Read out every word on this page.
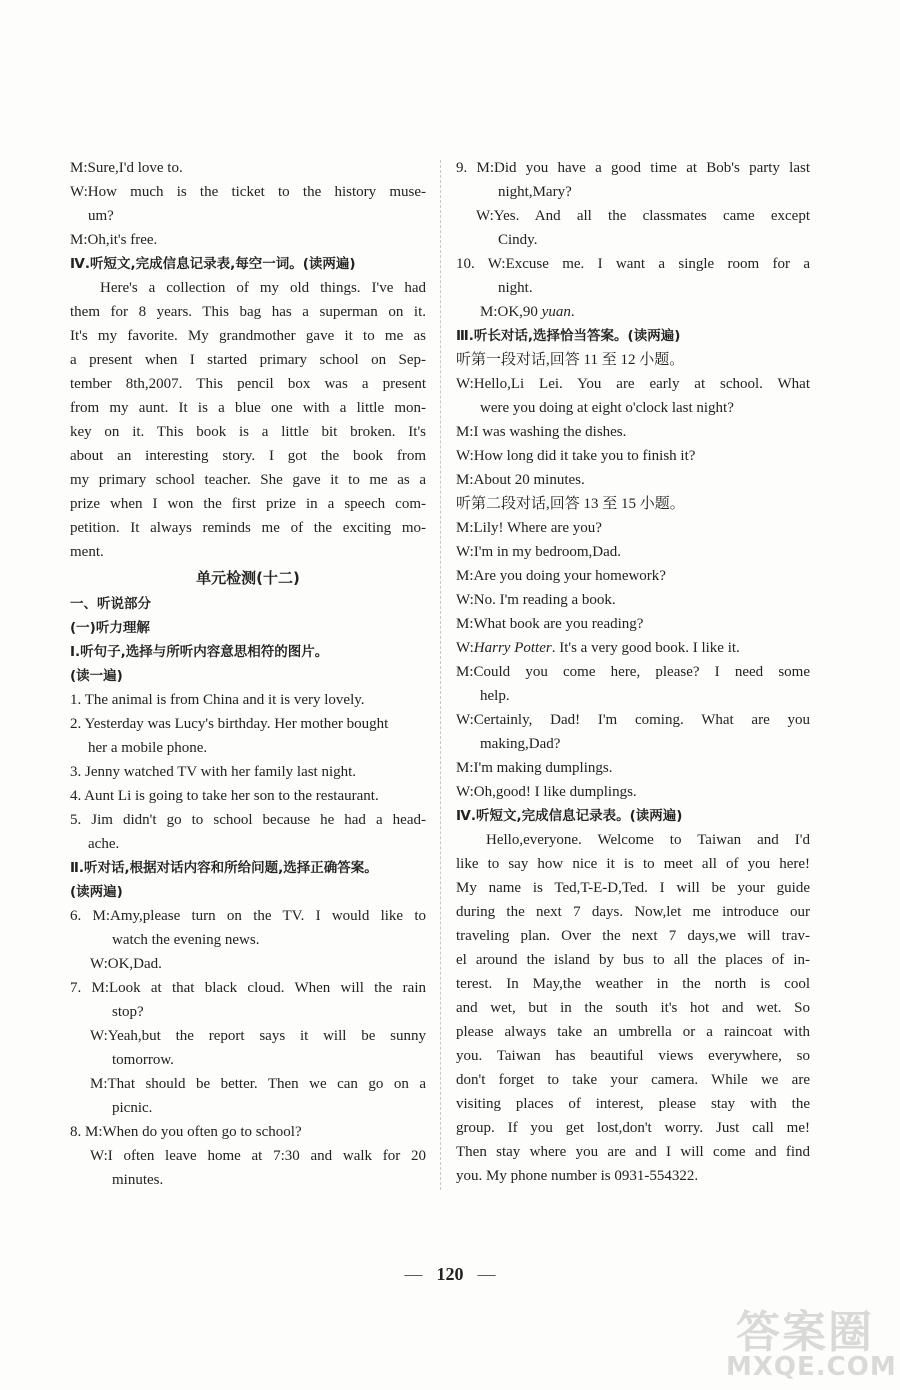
M:Sure,I'd love to.
W:How much is the ticket to the history muse-
um?
M:Oh,it's free.
Ⅳ.听短文,完成信息记录表,每空一词。(读两遍)
Here's a collection of my old things. I've had
them for 8 years. This bag has a superman on it.
It's my favorite. My grandmother gave it to me as
a present when I started primary school on Sep-
tember 8th,2007. This pencil box was a present
from my aunt. It is a blue one with a little mon-
key on it. This book is a little bit broken. It's
about an interesting story. I got the book from
my primary school teacher. She gave it to me as a
prize when I won the first prize in a speech com-
petition. It always reminds me of the exciting mo-
ment.
单元检测(十二)
一、听说部分
(一)听力理解
Ⅰ.听句子,选择与所听内容意思相符的图片。
(读一遍)
1. The animal is from China and it is very lovely.
2. Yesterday was Lucy's birthday. Her mother bought
her a mobile phone.
3. Jenny watched TV with her family last night.
4. Aunt Li is going to take her son to the restaurant.
5. Jim didn't go to school because he had a head-
ache.
Ⅱ.听对话,根据对话内容和所给问题,选择正确答案。
(读两遍)
6. M:Amy,please turn on the TV. I would like to
watch the evening news.
W:OK,Dad.
7. M:Look at that black cloud. When will the rain
stop?
W:Yeah,but the report says it will be sunny
tomorrow.
M:That should be better. Then we can go on a
picnic.
8. M:When do you often go to school?
W:I often leave home at 7:30 and walk for 20
minutes.
9. M:Did you have a good time at Bob's party last
night,Mary?
W:Yes. And all the classmates came except
Cindy.
10. W:Excuse me. I want a single room for a
night.
M:OK,90 yuan.
Ⅲ.听长对话,选择恰当答案。(读两遍)
听第一段对话,回答 11 至 12 小题。
W:Hello,Li Lei. You are early at school. What
were you doing at eight o'clock last night?
M:I was washing the dishes.
W:How long did it take you to finish it?
M:About 20 minutes.
听第二段对话,回答 13 至 15 小题。
M:Lily! Where are you?
W:I'm in my bedroom,Dad.
M:Are you doing your homework?
W:No. I'm reading a book.
M:What book are you reading?
W:Harry Potter. It's a very good book. I like it.
M:Could you come here, please? I need some
help.
W:Certainly, Dad! I'm coming. What are you
making,Dad?
M:I'm making dumplings.
W:Oh,good! I like dumplings.
Ⅳ.听短文,完成信息记录表。(读两遍)
Hello,everyone. Welcome to Taiwan and I'd
like to say how nice it is to meet all of you here!
My name is Ted,T-E-D,Ted. I will be your guide
during the next 7 days. Now,let me introduce our
traveling plan. Over the next 7 days,we will trav-
el around the island by bus to all the places of in-
terest. In May,the weather in the north is cool
and wet, but in the south it's hot and wet. So
please always take an umbrella or a raincoat with
you. Taiwan has beautiful views everywhere, so
don't forget to take your camera. While we are
visiting places of interest, please stay with the
group. If you get lost,don't worry. Just call me!
Then stay where you are and I will come and find
you. My phone number is 0931-554322.
— 120 —
答案圈
MXQE.COM
